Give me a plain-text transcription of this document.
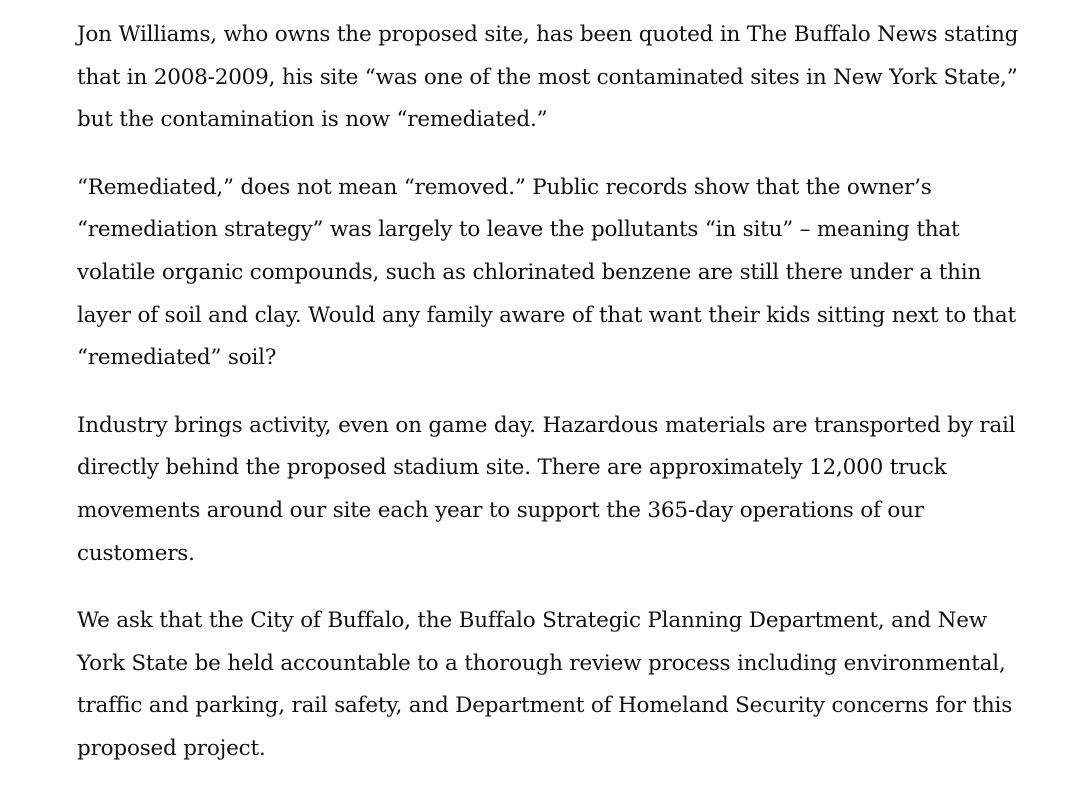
Jon Williams, who owns the proposed site, has been quoted in The Buffalo News stating that in 2008-2009, his site “was one of the most contaminated sites in New York State,” but the contamination is now “remediated.”

“Remediated,” does not mean “removed.” Public records show that the owner’s “remediation strategy” was largely to leave the pollutants “in situ” – meaning that volatile organic compounds, such as chlorinated benzene are still there under a thin layer of soil and clay. Would any family aware of that want their kids sitting next to that “remediated” soil?

Industry brings activity, even on game day. Hazardous materials are transported by rail directly behind the proposed stadium site. There are approximately 12,000 truck movements around our site each year to support the 365-day operations of our customers.

We ask that the City of Buffalo, the Buffalo Strategic Planning Department, and New York State be held accountable to a thorough review process including environmental, traffic and parking, rail safety, and Department of Homeland Security concerns for this proposed project.
